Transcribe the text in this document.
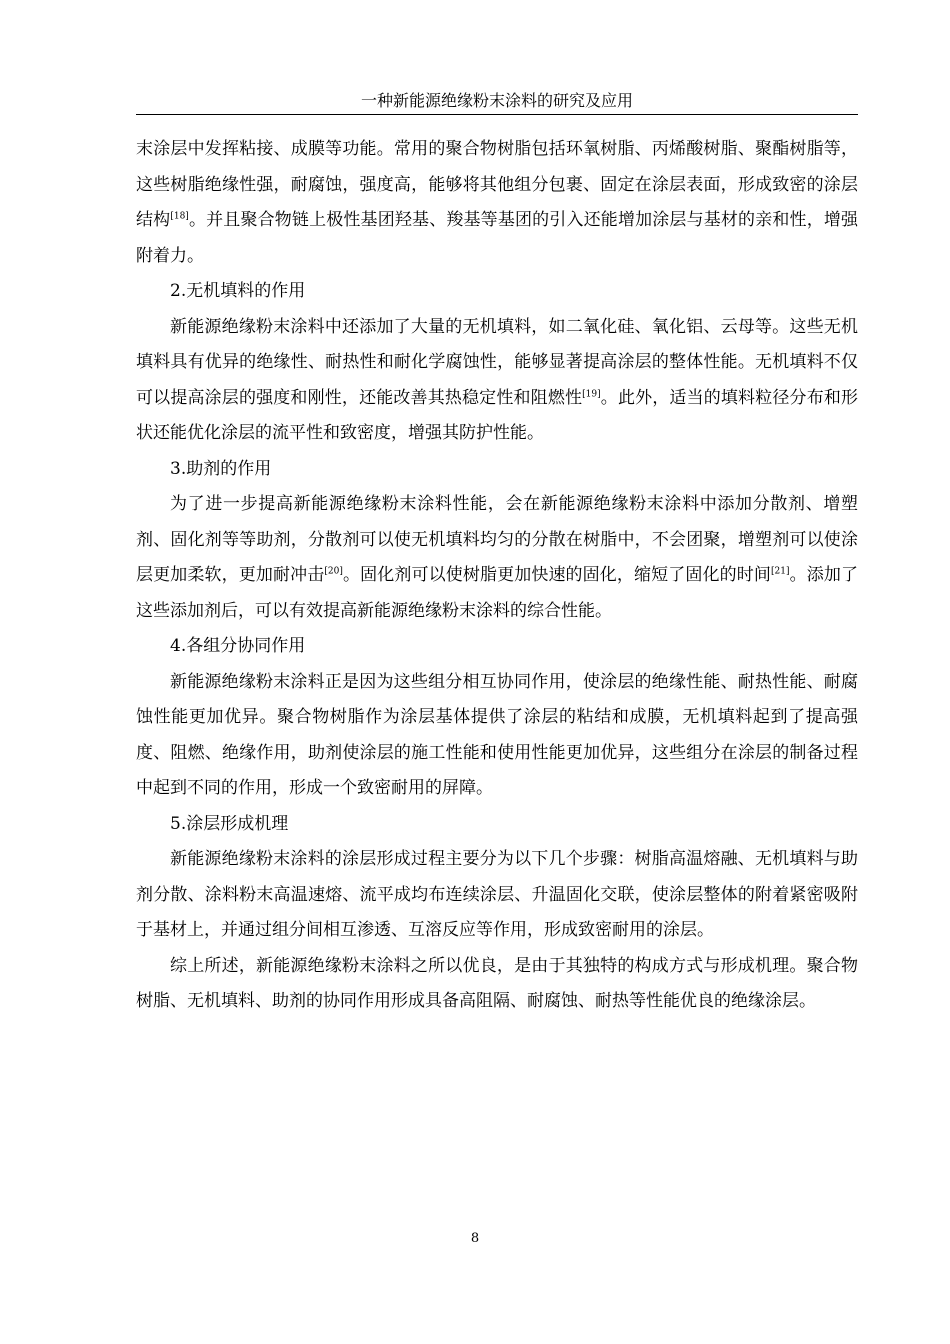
一种新能源绝缘粉末涂料的研究及应用

末涂层中发挥粘接、成膜等功能。常用的聚合物树脂包括环氧树脂、丙烯酸树脂、聚酯树脂等，这些树脂绝缘性强，耐腐蚀，强度高，能够将其他组分包裹、固定在涂层表面，形成致密的涂层结构[18]。并且聚合物链上极性基团羟基、羧基等基团的引入还能增加涂层与基材的亲和性，增强附着力。

2.无机填料的作用

新能源绝缘粉末涂料中还添加了大量的无机填料，如二氧化硅、氧化铝、云母等。这些无机填料具有优异的绝缘性、耐热性和耐化学腐蚀性，能够显著提高涂层的整体性能。无机填料不仅可以提高涂层的强度和刚性，还能改善其热稳定性和阻燃性[19]。此外，适当的填料粒径分布和形状还能优化涂层的流平性和致密度，增强其防护性能。

3.助剂的作用

为了进一步提高新能源绝缘粉末涂料性能，会在新能源绝缘粉末涂料中添加分散剂、增塑剂、固化剂等等助剂，分散剂可以使无机填料均匀的分散在树脂中，不会团聚，增塑剂可以使涂层更加柔软，更加耐冲击[20]。固化剂可以使树脂更加快速的固化，缩短了固化的时间[21]。添加了这些添加剂后，可以有效提高新能源绝缘粉末涂料的综合性能。

4.各组分协同作用

新能源绝缘粉末涂料正是因为这些组分相互协同作用，使涂层的绝缘性能、耐热性能、耐腐蚀性能更加优异。聚合物树脂作为涂层基体提供了涂层的粘结和成膜，无机填料起到了提高强度、阻燃、绝缘作用，助剂使涂层的施工性能和使用性能更加优异，这些组分在涂层的制备过程中起到不同的作用，形成一个致密耐用的屏障。

5.涂层形成机理

新能源绝缘粉末涂料的涂层形成过程主要分为以下几个步骤：树脂高温熔融、无机填料与助剂分散、涂料粉末高温速熔、流平成均布连续涂层、升温固化交联，使涂层整体的附着紧密吸附于基材上，并通过组分间相互渗透、互溶反应等作用，形成致密耐用的涂层。

综上所述，新能源绝缘粉末涂料之所以优良，是由于其独特的构成方式与形成机理。聚合物树脂、无机填料、助剂的协同作用形成具备高阻隔、耐腐蚀、耐热等性能优良的绝缘涂层。

8
